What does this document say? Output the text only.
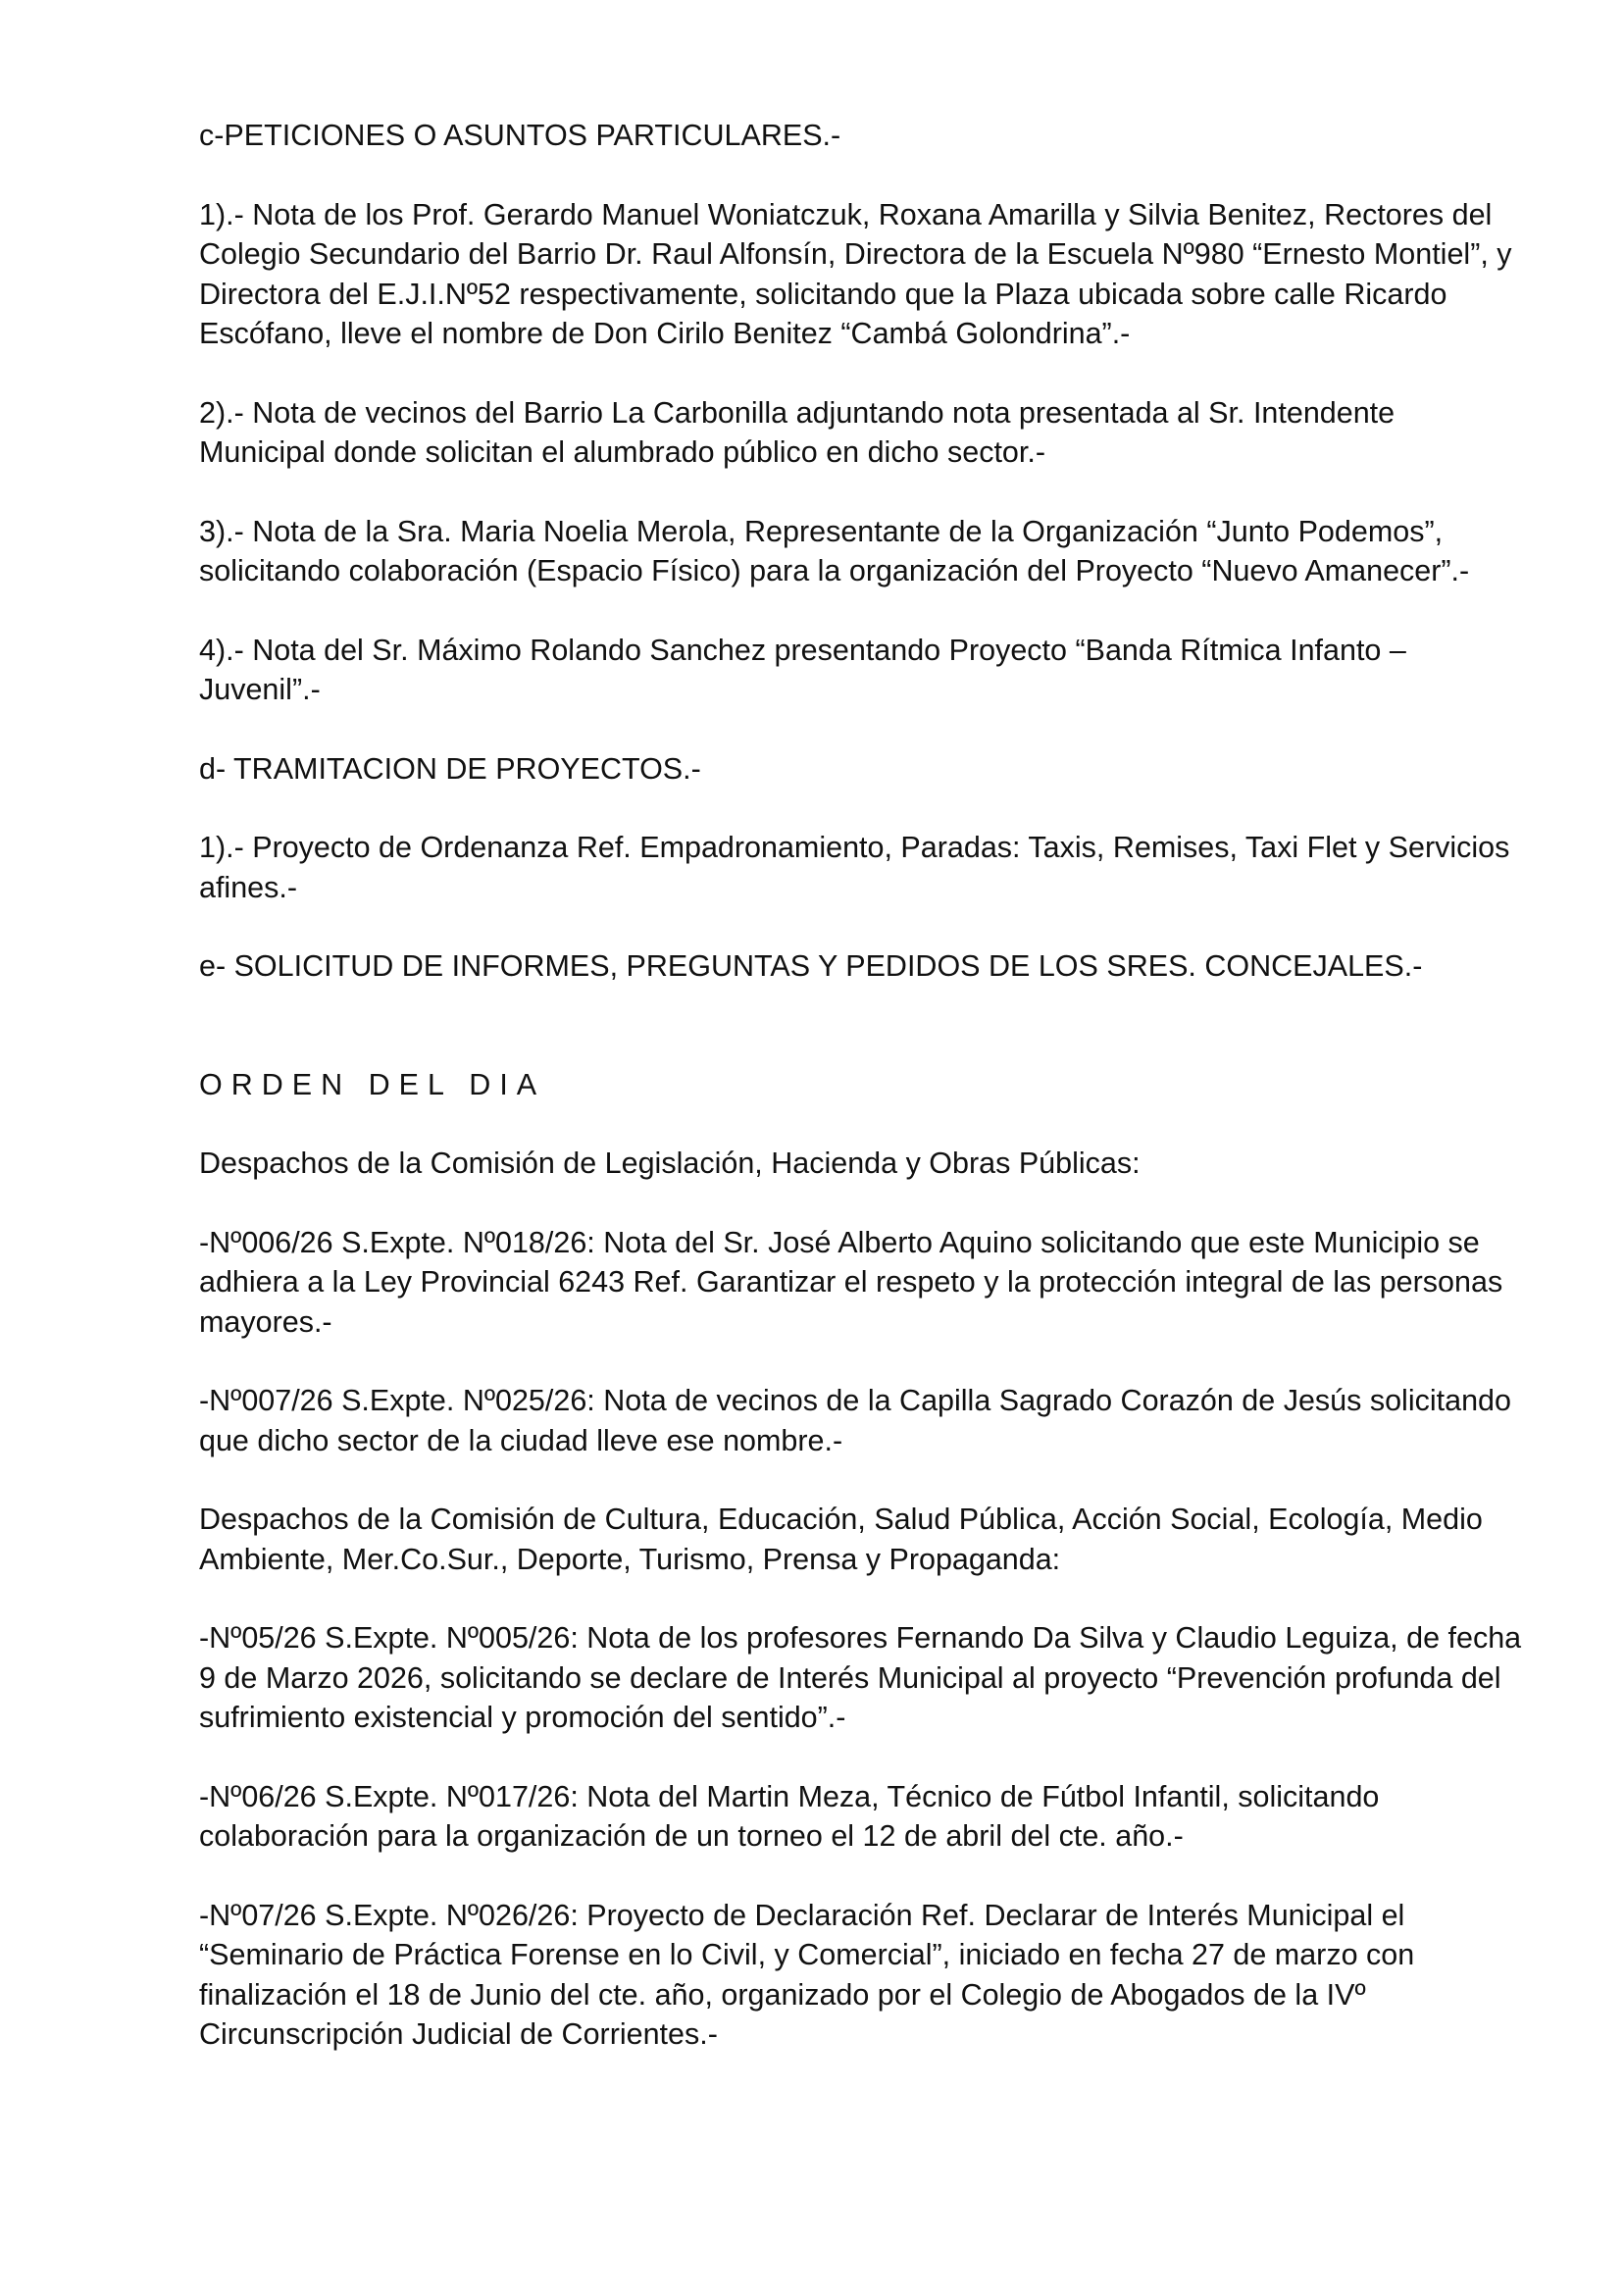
c-PETICIONES O ASUNTOS PARTICULARES.-

1).- Nota de los Prof. Gerardo Manuel Woniatczuk, Roxana Amarilla y Silvia Benitez, Rectores del Colegio Secundario del Barrio Dr. Raul Alfonsín, Directora de la Escuela Nº980 “Ernesto Montiel”, y Directora del E.J.I.Nº52 respectivamente, solicitando que la Plaza ubicada sobre calle Ricardo Escófano, lleve el nombre de Don Cirilo Benitez “Cambá Golondrina”.-

2).- Nota de vecinos del Barrio La Carbonilla adjuntando nota presentada al Sr. Intendente Municipal donde solicitan el alumbrado público en dicho sector.-

3).- Nota de la Sra. Maria Noelia Merola, Representante de la Organización “Junto Podemos”, solicitando colaboración (Espacio Físico) para la organización del Proyecto “Nuevo Amanecer”.-

4).- Nota del Sr. Máximo Rolando Sanchez presentando Proyecto “Banda Rítmica Infanto – Juvenil”.-

d- TRAMITACION DE PROYECTOS.-

1).- Proyecto de Ordenanza Ref. Empadronamiento, Paradas: Taxis, Remises, Taxi Flet y Servicios afines.-

e- SOLICITUD DE INFORMES, PREGUNTAS Y PEDIDOS DE LOS SRES. CONCEJALES.-

ORDEN DEL DIA

Despachos de la Comisión de Legislación, Hacienda y Obras Públicas:

-Nº006/26 S.Expte. Nº018/26: Nota del Sr. José Alberto Aquino solicitando que este Municipio se adhiera a la Ley Provincial 6243 Ref. Garantizar el respeto y la protección integral de las personas mayores.-

-Nº007/26 S.Expte. Nº025/26: Nota de vecinos de la Capilla Sagrado Corazón de Jesús solicitando que dicho sector de la ciudad lleve ese nombre.-

Despachos de la Comisión de Cultura, Educación, Salud Pública, Acción Social, Ecología, Medio Ambiente, Mer.Co.Sur., Deporte, Turismo, Prensa y Propaganda:

-Nº05/26 S.Expte. Nº005/26: Nota de los profesores Fernando Da Silva y Claudio Leguiza, de fecha 9 de Marzo 2026, solicitando se declare de Interés Municipal al proyecto “Prevención profunda del sufrimiento existencial y promoción del sentido”.-

-Nº06/26 S.Expte. Nº017/26: Nota del Martin Meza, Técnico de Fútbol Infantil, solicitando colaboración para la organización de un torneo el 12 de abril del cte. año.-

-Nº07/26 S.Expte. Nº026/26: Proyecto de Declaración Ref. Declarar de Interés Municipal el “Seminario de Práctica Forense en lo Civil, y Comercial”, iniciado en fecha 27 de marzo con finalización el 18 de Junio del cte. año, organizado por el Colegio de Abogados de la IVº Circunscripción Judicial de Corrientes.-
